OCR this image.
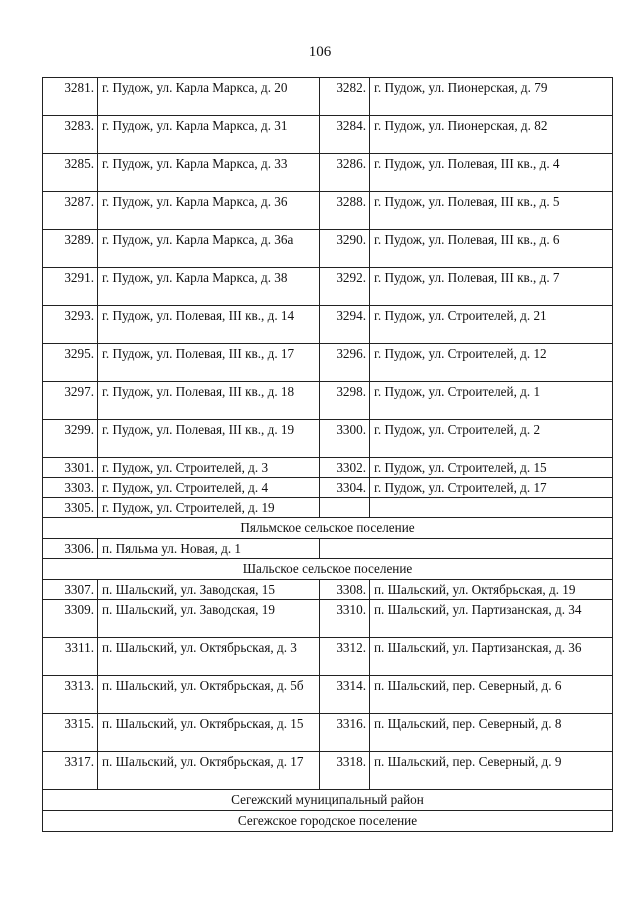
106
3281.	г. Пудож, ул. Карла Маркса, д. 20	3282.	г. Пудож, ул. Пионерская, д. 79
3283.	г. Пудож, ул. Карла Маркса, д. 31	3284.	г. Пудож, ул. Пионерская, д. 82
3285.	г. Пудож, ул. Карла Маркса, д. 33	3286.	г. Пудож, ул. Полевая, III кв., д. 4
3287.	г. Пудож, ул. Карла Маркса, д. 36	3288.	г. Пудож, ул. Полевая, III кв., д. 5
3289.	г. Пудож, ул. Карла Маркса, д. 36а	3290.	г. Пудож, ул. Полевая, III кв., д. 6
3291.	г. Пудож, ул. Карла Маркса, д. 38	3292.	г. Пудож, ул. Полевая, III кв., д. 7
3293.	г. Пудож, ул. Полевая, III кв., д. 14	3294.	г. Пудож, ул. Строителей, д. 21
3295.	г. Пудож, ул. Полевая, III кв., д. 17	3296.	г. Пудож, ул. Строителей, д. 12
3297.	г. Пудож, ул. Полевая, III кв., д. 18	3298.	г. Пудож, ул. Строителей, д. 1
3299.	г. Пудож, ул. Полевая, III кв., д. 19	3300.	г. Пудож, ул. Строителей, д. 2
3301.	г. Пудож, ул. Строителей, д. 3	3302.	г. Пудож, ул. Строителей, д. 15
3303.	г. Пудож, ул. Строителей, д. 4	3304.	г. Пудож, ул. Строителей, д. 17
3305.	г. Пудож, ул. Строителей, д. 19		
Пяльмское сельское поселение			
3306.	п. Пяльма ул. Новая, д. 1		
Шальское сельское поселение			
3307.	п. Шальский, ул. Заводская, 15	3308.	п. Шальский, ул. Октябрьская, д. 19
3309.	п. Шальский, ул. Заводская, 19	3310.	п. Шальский, ул. Партизанская, д. 34
3311.	п. Шальский, ул. Октябрьская, д. 3	3312.	п. Шальский, ул. Партизанская, д. 36
3313.	п. Шальский, ул. Октябрьская, д. 5б	3314.	п. Шальский, пер. Северный, д. 6
3315.	п. Шальский, ул. Октябрьская, д. 15	3316.	п. Щальский, пер. Северный, д. 8
3317.	п. Шальский, ул. Октябрьская, д. 17	3318.	п. Шальский, пер. Северный, д. 9
Сегежский муниципальный район			
Сегежское городское поселение			
